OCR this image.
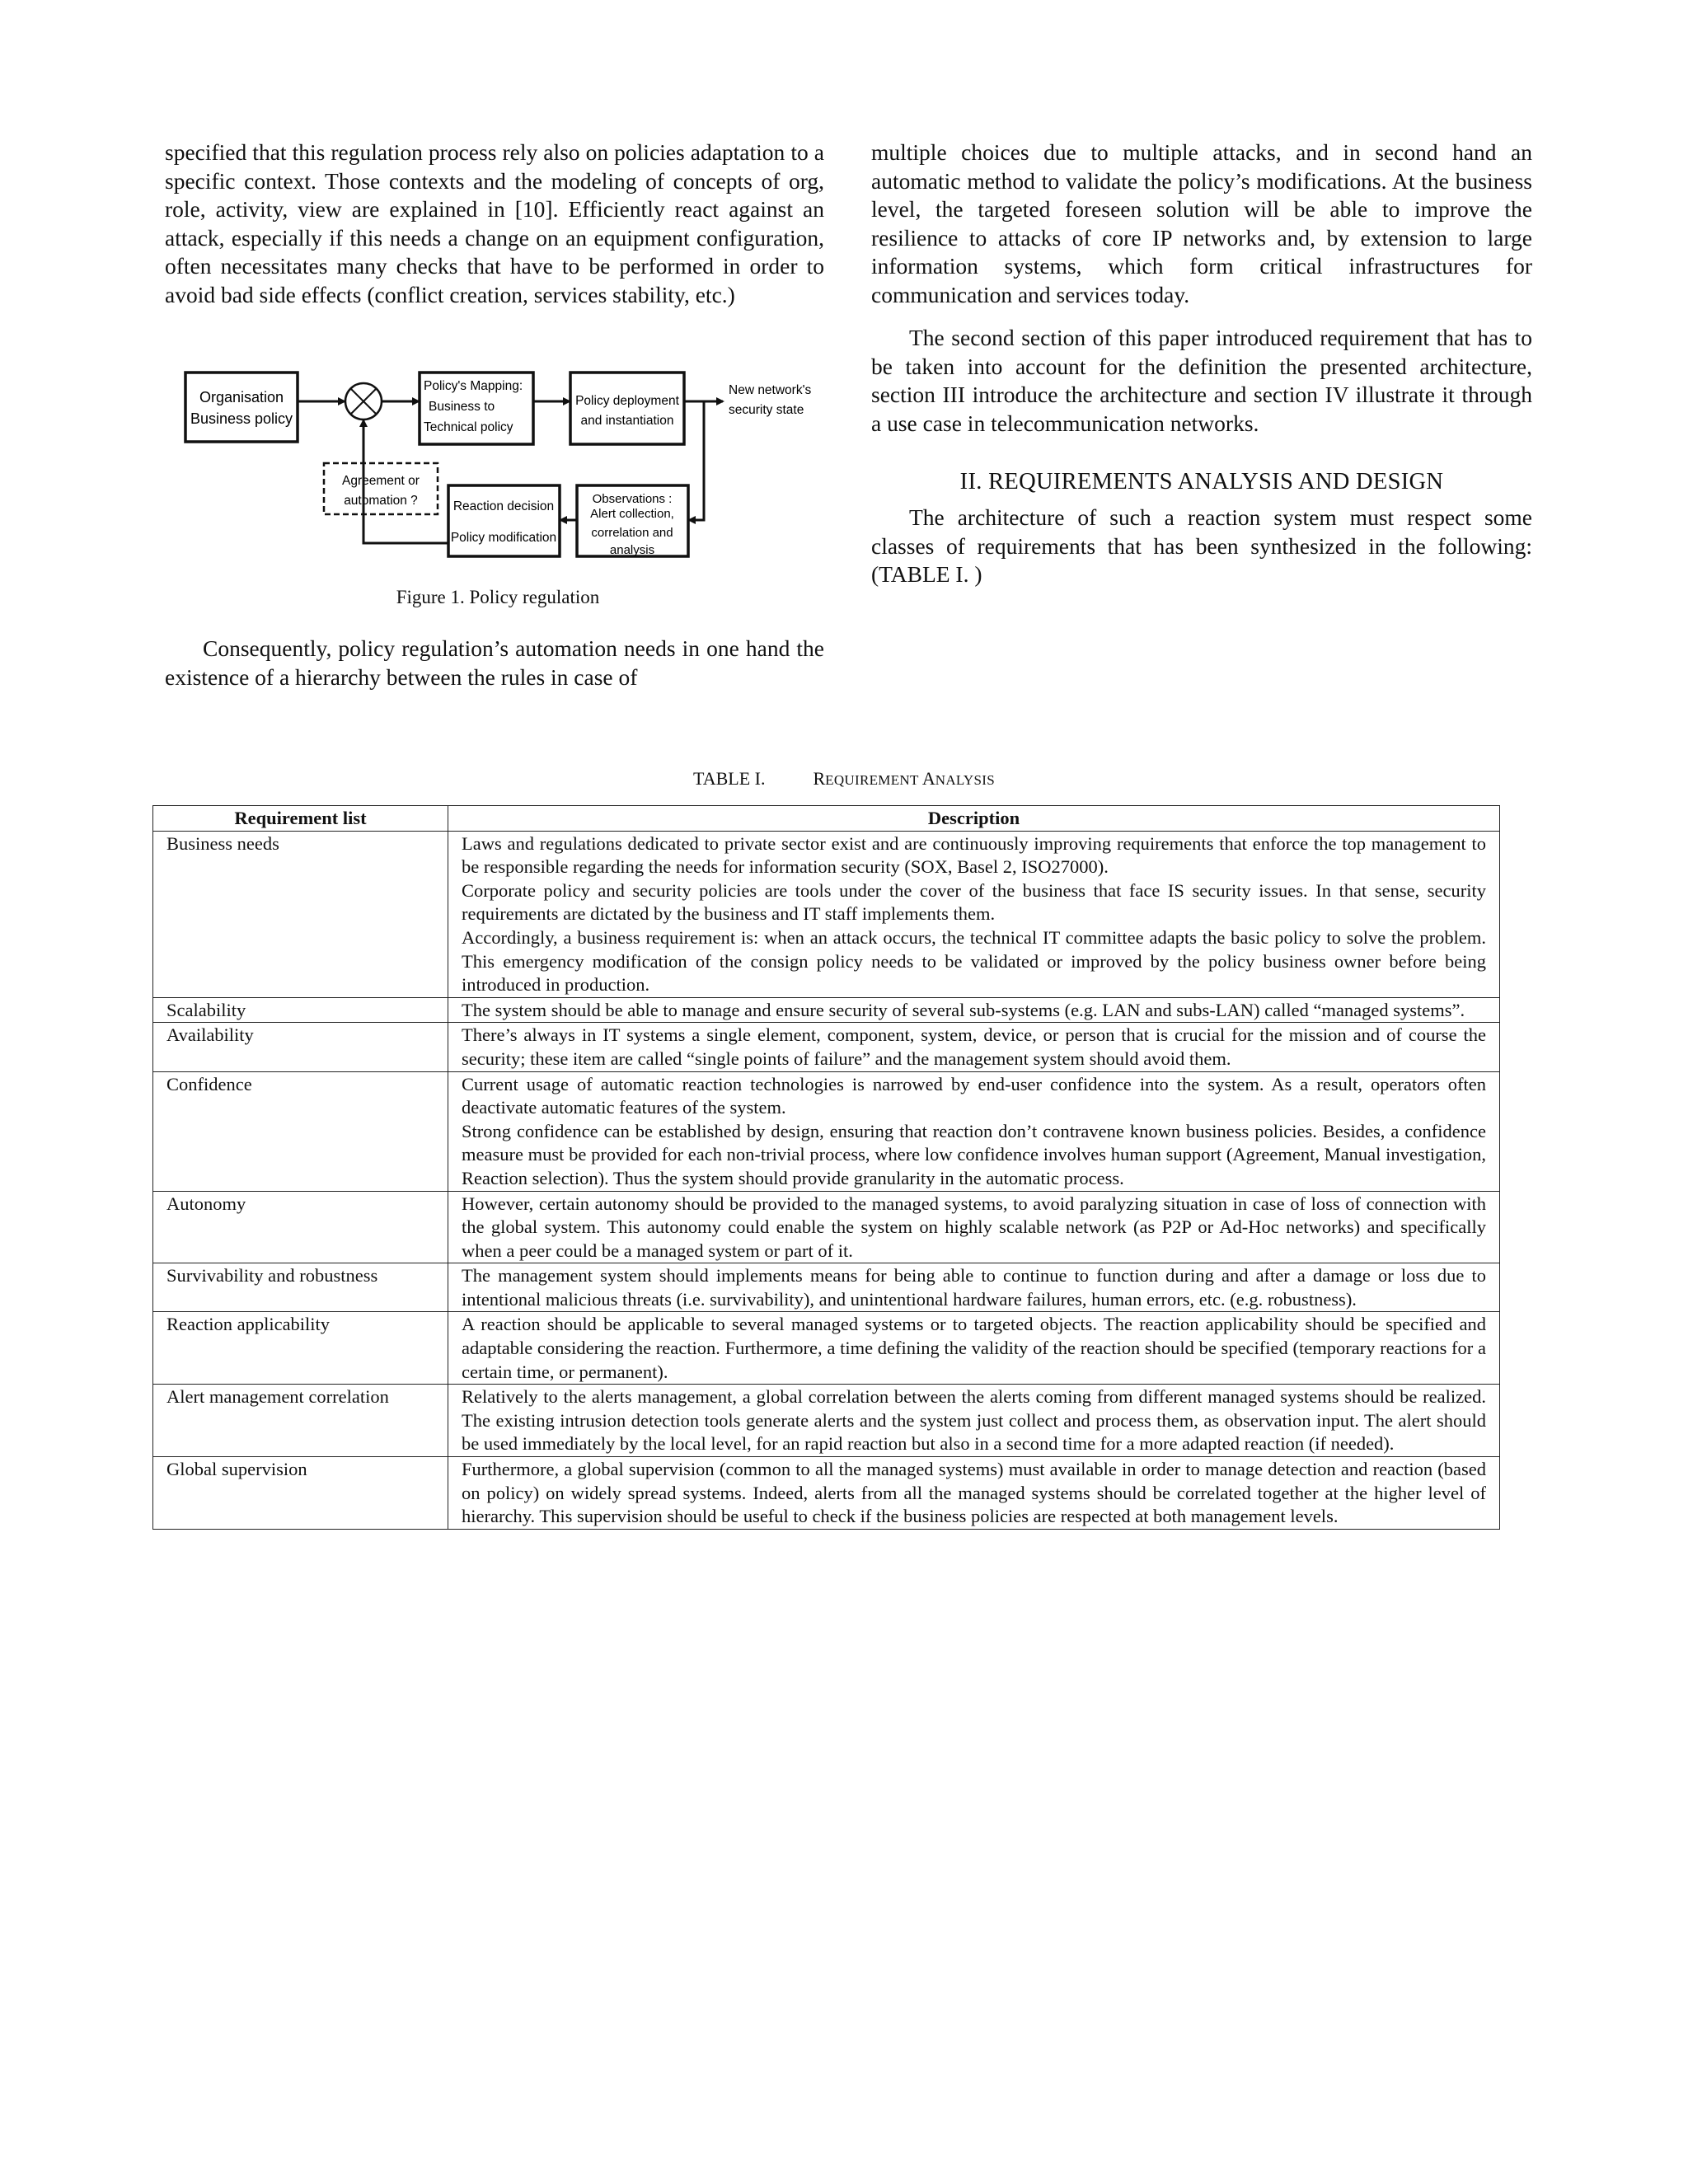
specified that this regulation process rely also on policies adaptation to a specific context. Those contexts and the modeling of concepts of org, role, activity, view are explained in [10]. Efficiently react against an attack, especially if this needs a change on an equipment configuration, often necessitates many checks that have to be performed in order to avoid bad side effects (conflict creation, services stability, etc.)

Organisation
Business policy
Policy's Mapping:
Business to
Technical policy
Policy deployment
and instantiation
New network's
security state
Agreement or
automation ?	Reaction decision
Policy modification
Observations :
Alert collection,
correlation and
analysis

Figure 1. Policy regulation

Consequently, policy regulation’s automation needs in one hand the existence of a hierarchy between the rules in case of

multiple choices due to multiple attacks, and in second hand an automatic method to validate the policy’s modifications. At the business level, the targeted foreseen solution will be able to improve the resilience to attacks of core IP networks and, by extension to large information systems, which form critical infrastructures for communication and services today.

The second section of this paper introduced requirement that has to be taken into account for the definition the presented architecture, section III introduce the architecture and section IV illustrate it through a use case in telecommunication networks.

II. REQUIREMENTS ANALYSIS AND DESIGN

The architecture of such a reaction system must respect some classes of requirements that has been synthesized in the following: (TABLE I. )

TABLE I.	REQUIREMENT ANALYSIS
Requirement list	Description
Business needs	Laws and regulations dedicated to private sector exist and are continuously improving requirements that enforce the top management to be responsible regarding the needs for information security (SOX, Basel 2, ISO27000).
Corporate policy and security policies are tools under the cover of the business that face IS security issues. In that sense, security requirements are dictated by the business and IT staff implements them.
Accordingly, a business requirement is: when an attack occurs, the technical IT committee adapts the basic policy to solve the problem. This emergency modification of the consign policy needs to be validated or improved by the policy business owner before being introduced in production.

Scalability	The system should be able to manage and ensure security of several sub-systems (e.g. LAN and subs-LAN) called “managed systems”.

Availability	There’s always in IT systems a single element, component, system, device, or person that is crucial for the mission and of course the security; these item are called “single points of failure” and the management system should avoid them.

Confidence	Current usage of automatic reaction technologies is narrowed by end-user confidence into the system. As a result, operators often deactivate automatic features of the system.
Strong confidence can be established by design, ensuring that reaction don’t contravene known business policies. Besides, a confidence measure must be provided for each non-trivial process, where low confidence involves human support (Agreement, Manual investigation, Reaction selection). Thus the system should provide granularity in the automatic process.

Autonomy	However, certain autonomy should be provided to the managed systems, to avoid paralyzing situation in case of loss of connection with the global system. This autonomy could enable the system on highly scalable network (as P2P or Ad-Hoc networks) and specifically when a peer could be a managed system or part of it.

Survivability and robustness	The management system should implements means for being able to continue to function during and after a damage or loss due to intentional malicious threats (i.e. survivability), and unintentional hardware failures, human errors, etc. (e.g. robustness).

Reaction applicability	A reaction should be applicable to several managed systems or to targeted objects. The reaction applicability should be specified and adaptable considering the reaction. Furthermore, a time defining the validity of the reaction should be specified (temporary reactions for a certain time, or permanent).

Alert management correlation	Relatively to the alerts management, a global correlation between the alerts coming from different managed systems should be realized. The existing intrusion detection tools generate alerts and the system just collect and process them, as observation input. The alert should be used immediately by the local level, for an rapid reaction but also in a second time for a more adapted reaction (if needed).

Global supervision	Furthermore, a global supervision (common to all the managed systems) must available in order to manage detection and reaction (based on policy) on widely spread systems. Indeed, alerts from all the managed systems should be correlated together at the higher level of hierarchy. This supervision should be useful to check if the business policies are respected at both management levels.
